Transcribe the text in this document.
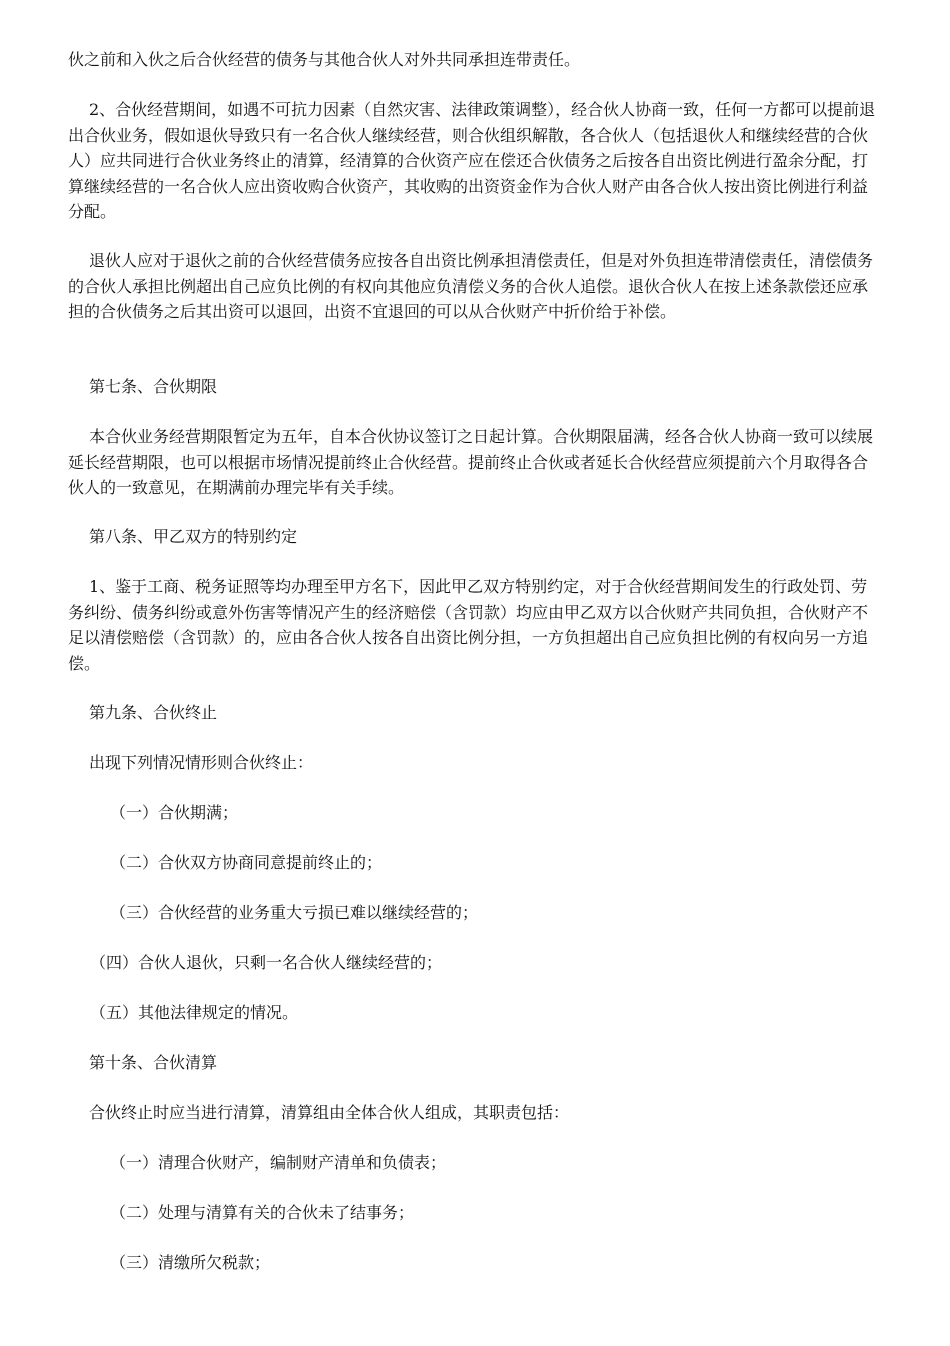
伙之前和入伙之后合伙经营的债务与其他合伙人对外共同承担连带责任。

2、合伙经营期间，如遇不可抗力因素（自然灾害、法律政策调整），经合伙人协商一致，任何一方都可以提前退出合伙业务，假如退伙导致只有一名合伙人继续经营，则合伙组织解散，各合伙人（包括退伙人和继续经营的合伙人）应共同进行合伙业务终止的清算，经清算的合伙资产应在偿还合伙债务之后按各自出资比例进行盈余分配，打算继续经营的一名合伙人应出资收购合伙资产，其收购的出资资金作为合伙人财产由各合伙人按出资比例进行利益分配。

退伙人应对于退伙之前的合伙经营债务应按各自出资比例承担清偿责任，但是对外负担连带清偿责任，清偿债务的合伙人承担比例超出自己应负比例的有权向其他应负清偿义务的合伙人追偿。退伙合伙人在按上述条款偿还应承担的合伙债务之后其出资可以退回，出资不宜退回的可以从合伙财产中折价给于补偿。

第七条、合伙期限

本合伙业务经营期限暂定为五年，自本合伙协议签订之日起计算。合伙期限届满，经各合伙人协商一致可以续展延长经营期限，也可以根据市场情况提前终止合伙经营。提前终止合伙或者延长合伙经营应须提前六个月取得各合伙人的一致意见，在期满前办理完毕有关手续。

第八条、甲乙双方的特别约定

1、鉴于工商、税务证照等均办理至甲方名下，因此甲乙双方特别约定，对于合伙经营期间发生的行政处罚、劳务纠纷、债务纠纷或意外伤害等情况产生的经济赔偿（含罚款）均应由甲乙双方以合伙财产共同负担，合伙财产不足以清偿赔偿（含罚款）的，应由各合伙人按各自出资比例分担，一方负担超出自己应负担比例的有权向另一方追偿。

第九条、合伙终止

出现下列情况情形则合伙终止：

（一）合伙期满；

（二）合伙双方协商同意提前终止的；

（三）合伙经营的业务重大亏损已难以继续经营的；

（四）合伙人退伙，只剩一名合伙人继续经营的；

（五）其他法律规定的情况。

第十条、合伙清算

合伙终止时应当进行清算，清算组由全体合伙人组成，其职责包括：

（一）清理合伙财产，编制财产清单和负债表；

（二）处理与清算有关的合伙未了结事务；

（三）清缴所欠税款；
